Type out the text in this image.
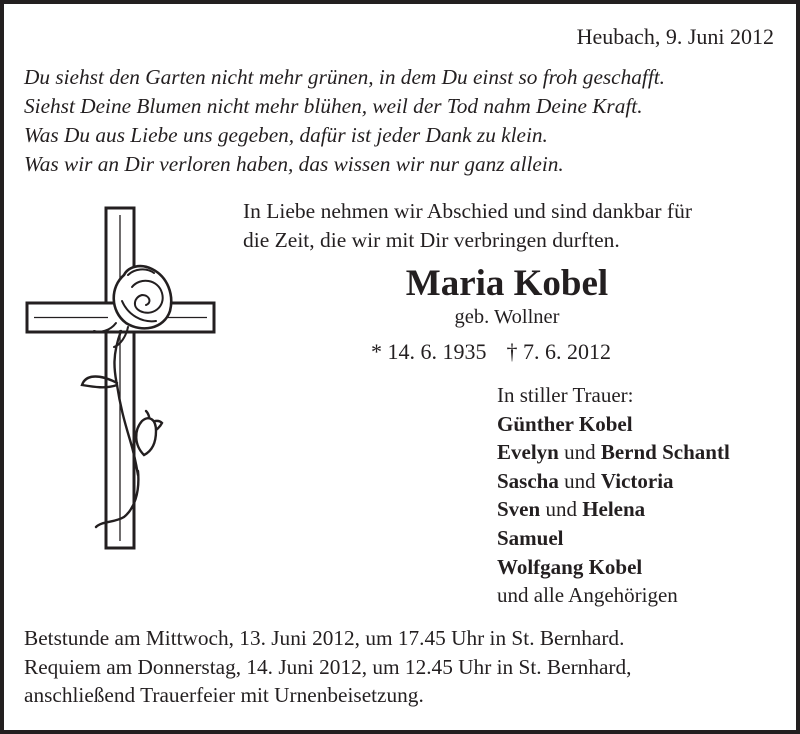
Heubach, 9. Juni 2012
Du siehst den Garten nicht mehr grünen, in dem Du einst so froh geschafft.
Siehst Deine Blumen nicht mehr blühen, weil der Tod nahm Deine Kraft.
Was Du aus Liebe uns gegeben, dafür ist jeder Dank zu klein.
Was wir an Dir verloren haben, das wissen wir nur ganz allein.
In Liebe nehmen wir Abschied und sind dankbar für
die Zeit, die wir mit Dir verbringen durften.
Maria Kobel
geb. Wollner
* 14. 6. 1935 † 7. 6. 2012
In stiller Trauer:
Günther Kobel
Evelyn und Bernd Schantl
Sascha und Victoria
Sven und Helena
Samuel
Wolfgang Kobel
und alle Angehörigen
Betstunde am Mittwoch, 13. Juni 2012, um 17.45 Uhr in St. Bernhard.
Requiem am Donnerstag, 14. Juni 2012, um 12.45 Uhr in St. Bernhard,
anschließend Trauerfeier mit Urnenbeisetzung.
